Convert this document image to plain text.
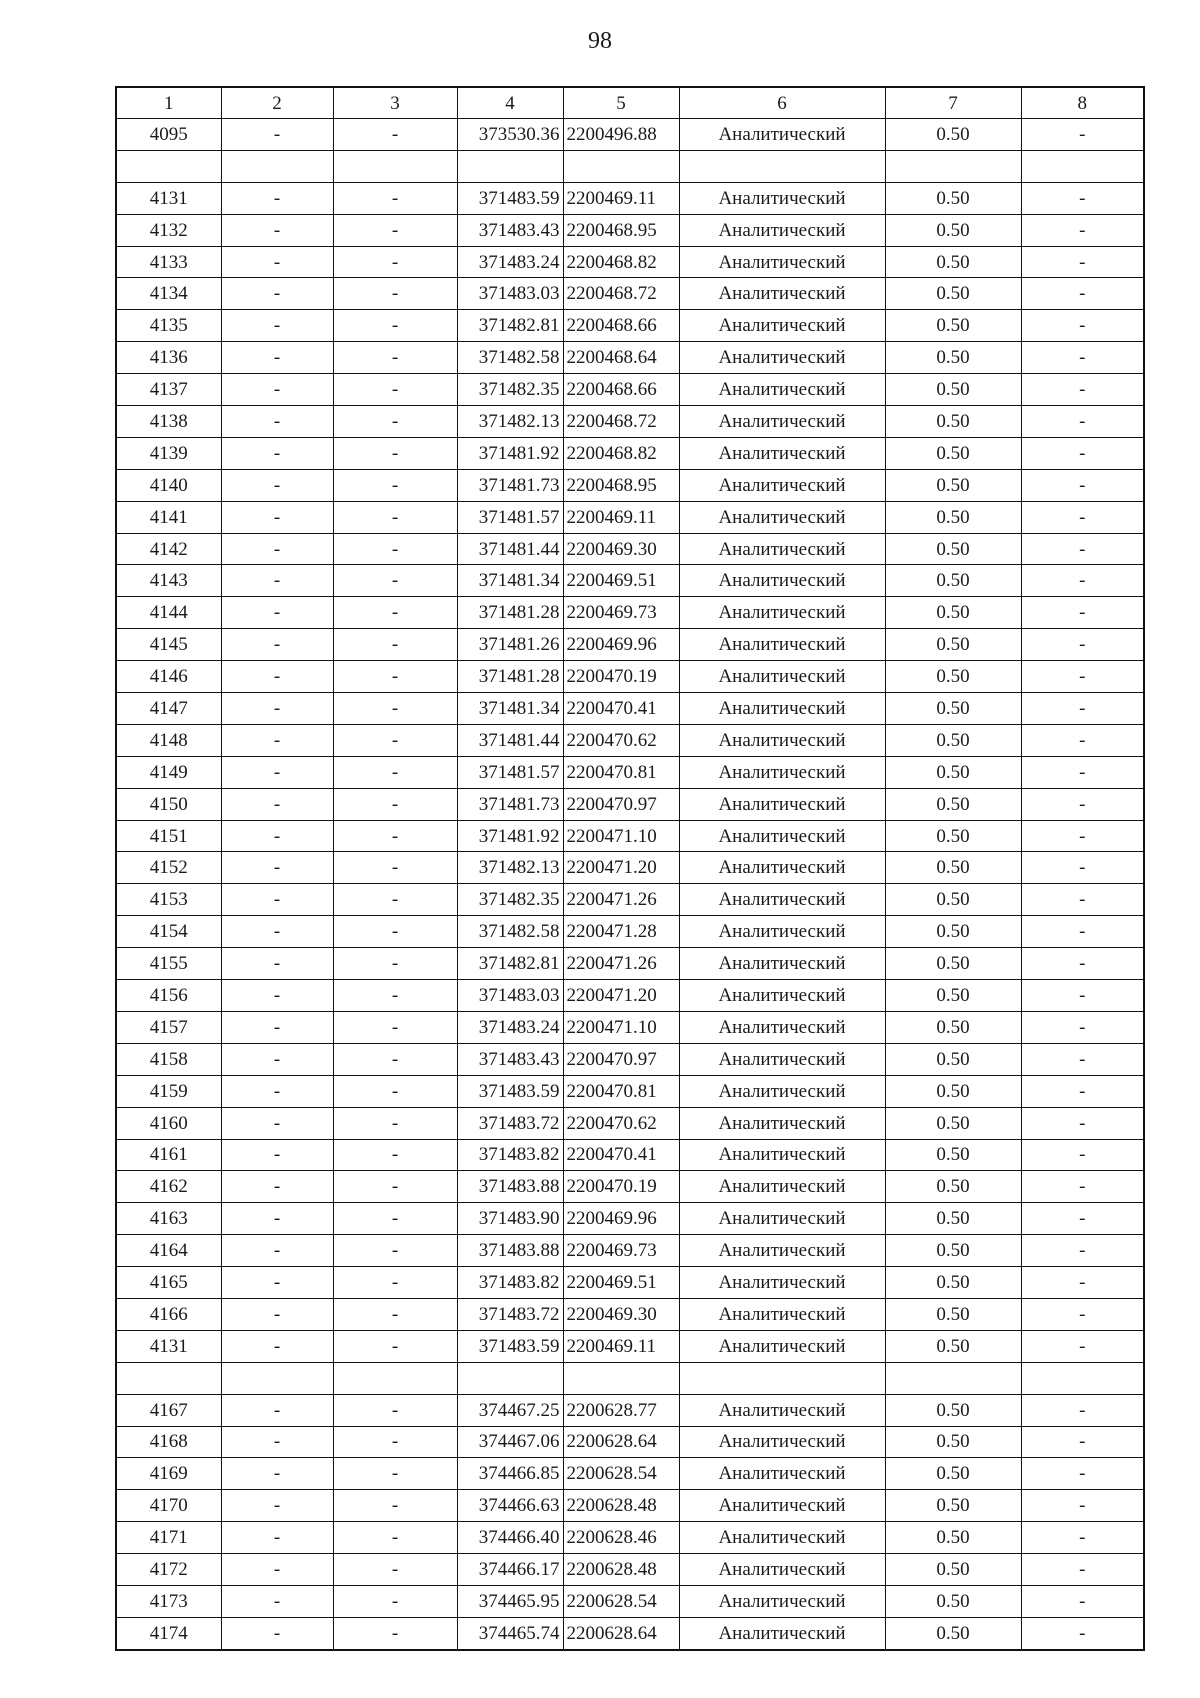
98
1	2	3	4	5	6	7	8
4095	-	-	373530.36	2200496.88	Аналитический	0.50	-

4131	-	-	371483.59	2200469.11	Аналитический	0.50	-
4132	-	-	371483.43	2200468.95	Аналитический	0.50	-
4133	-	-	371483.24	2200468.82	Аналитический	0.50	-
4134	-	-	371483.03	2200468.72	Аналитический	0.50	-
4135	-	-	371482.81	2200468.66	Аналитический	0.50	-
4136	-	-	371482.58	2200468.64	Аналитический	0.50	-
4137	-	-	371482.35	2200468.66	Аналитический	0.50	-
4138	-	-	371482.13	2200468.72	Аналитический	0.50	-
4139	-	-	371481.92	2200468.82	Аналитический	0.50	-
4140	-	-	371481.73	2200468.95	Аналитический	0.50	-
4141	-	-	371481.57	2200469.11	Аналитический	0.50	-
4142	-	-	371481.44	2200469.30	Аналитический	0.50	-
4143	-	-	371481.34	2200469.51	Аналитический	0.50	-
4144	-	-	371481.28	2200469.73	Аналитический	0.50	-
4145	-	-	371481.26	2200469.96	Аналитический	0.50	-
4146	-	-	371481.28	2200470.19	Аналитический	0.50	-
4147	-	-	371481.34	2200470.41	Аналитический	0.50	-
4148	-	-	371481.44	2200470.62	Аналитический	0.50	-
4149	-	-	371481.57	2200470.81	Аналитический	0.50	-
4150	-	-	371481.73	2200470.97	Аналитический	0.50	-
4151	-	-	371481.92	2200471.10	Аналитический	0.50	-
4152	-	-	371482.13	2200471.20	Аналитический	0.50	-
4153	-	-	371482.35	2200471.26	Аналитический	0.50	-
4154	-	-	371482.58	2200471.28	Аналитический	0.50	-
4155	-	-	371482.81	2200471.26	Аналитический	0.50	-
4156	-	-	371483.03	2200471.20	Аналитический	0.50	-
4157	-	-	371483.24	2200471.10	Аналитический	0.50	-
4158	-	-	371483.43	2200470.97	Аналитический	0.50	-
4159	-	-	371483.59	2200470.81	Аналитический	0.50	-
4160	-	-	371483.72	2200470.62	Аналитический	0.50	-
4161	-	-	371483.82	2200470.41	Аналитический	0.50	-
4162	-	-	371483.88	2200470.19	Аналитический	0.50	-
4163	-	-	371483.90	2200469.96	Аналитический	0.50	-
4164	-	-	371483.88	2200469.73	Аналитический	0.50	-
4165	-	-	371483.82	2200469.51	Аналитический	0.50	-
4166	-	-	371483.72	2200469.30	Аналитический	0.50	-
4131	-	-	371483.59	2200469.11	Аналитический	0.50	-

4167	-	-	374467.25	2200628.77	Аналитический	0.50	-
4168	-	-	374467.06	2200628.64	Аналитический	0.50	-
4169	-	-	374466.85	2200628.54	Аналитический	0.50	-
4170	-	-	374466.63	2200628.48	Аналитический	0.50	-
4171	-	-	374466.40	2200628.46	Аналитический	0.50	-
4172	-	-	374466.17	2200628.48	Аналитический	0.50	-
4173	-	-	374465.95	2200628.54	Аналитический	0.50	-
4174	-	-	374465.74	2200628.64	Аналитический	0.50	-
